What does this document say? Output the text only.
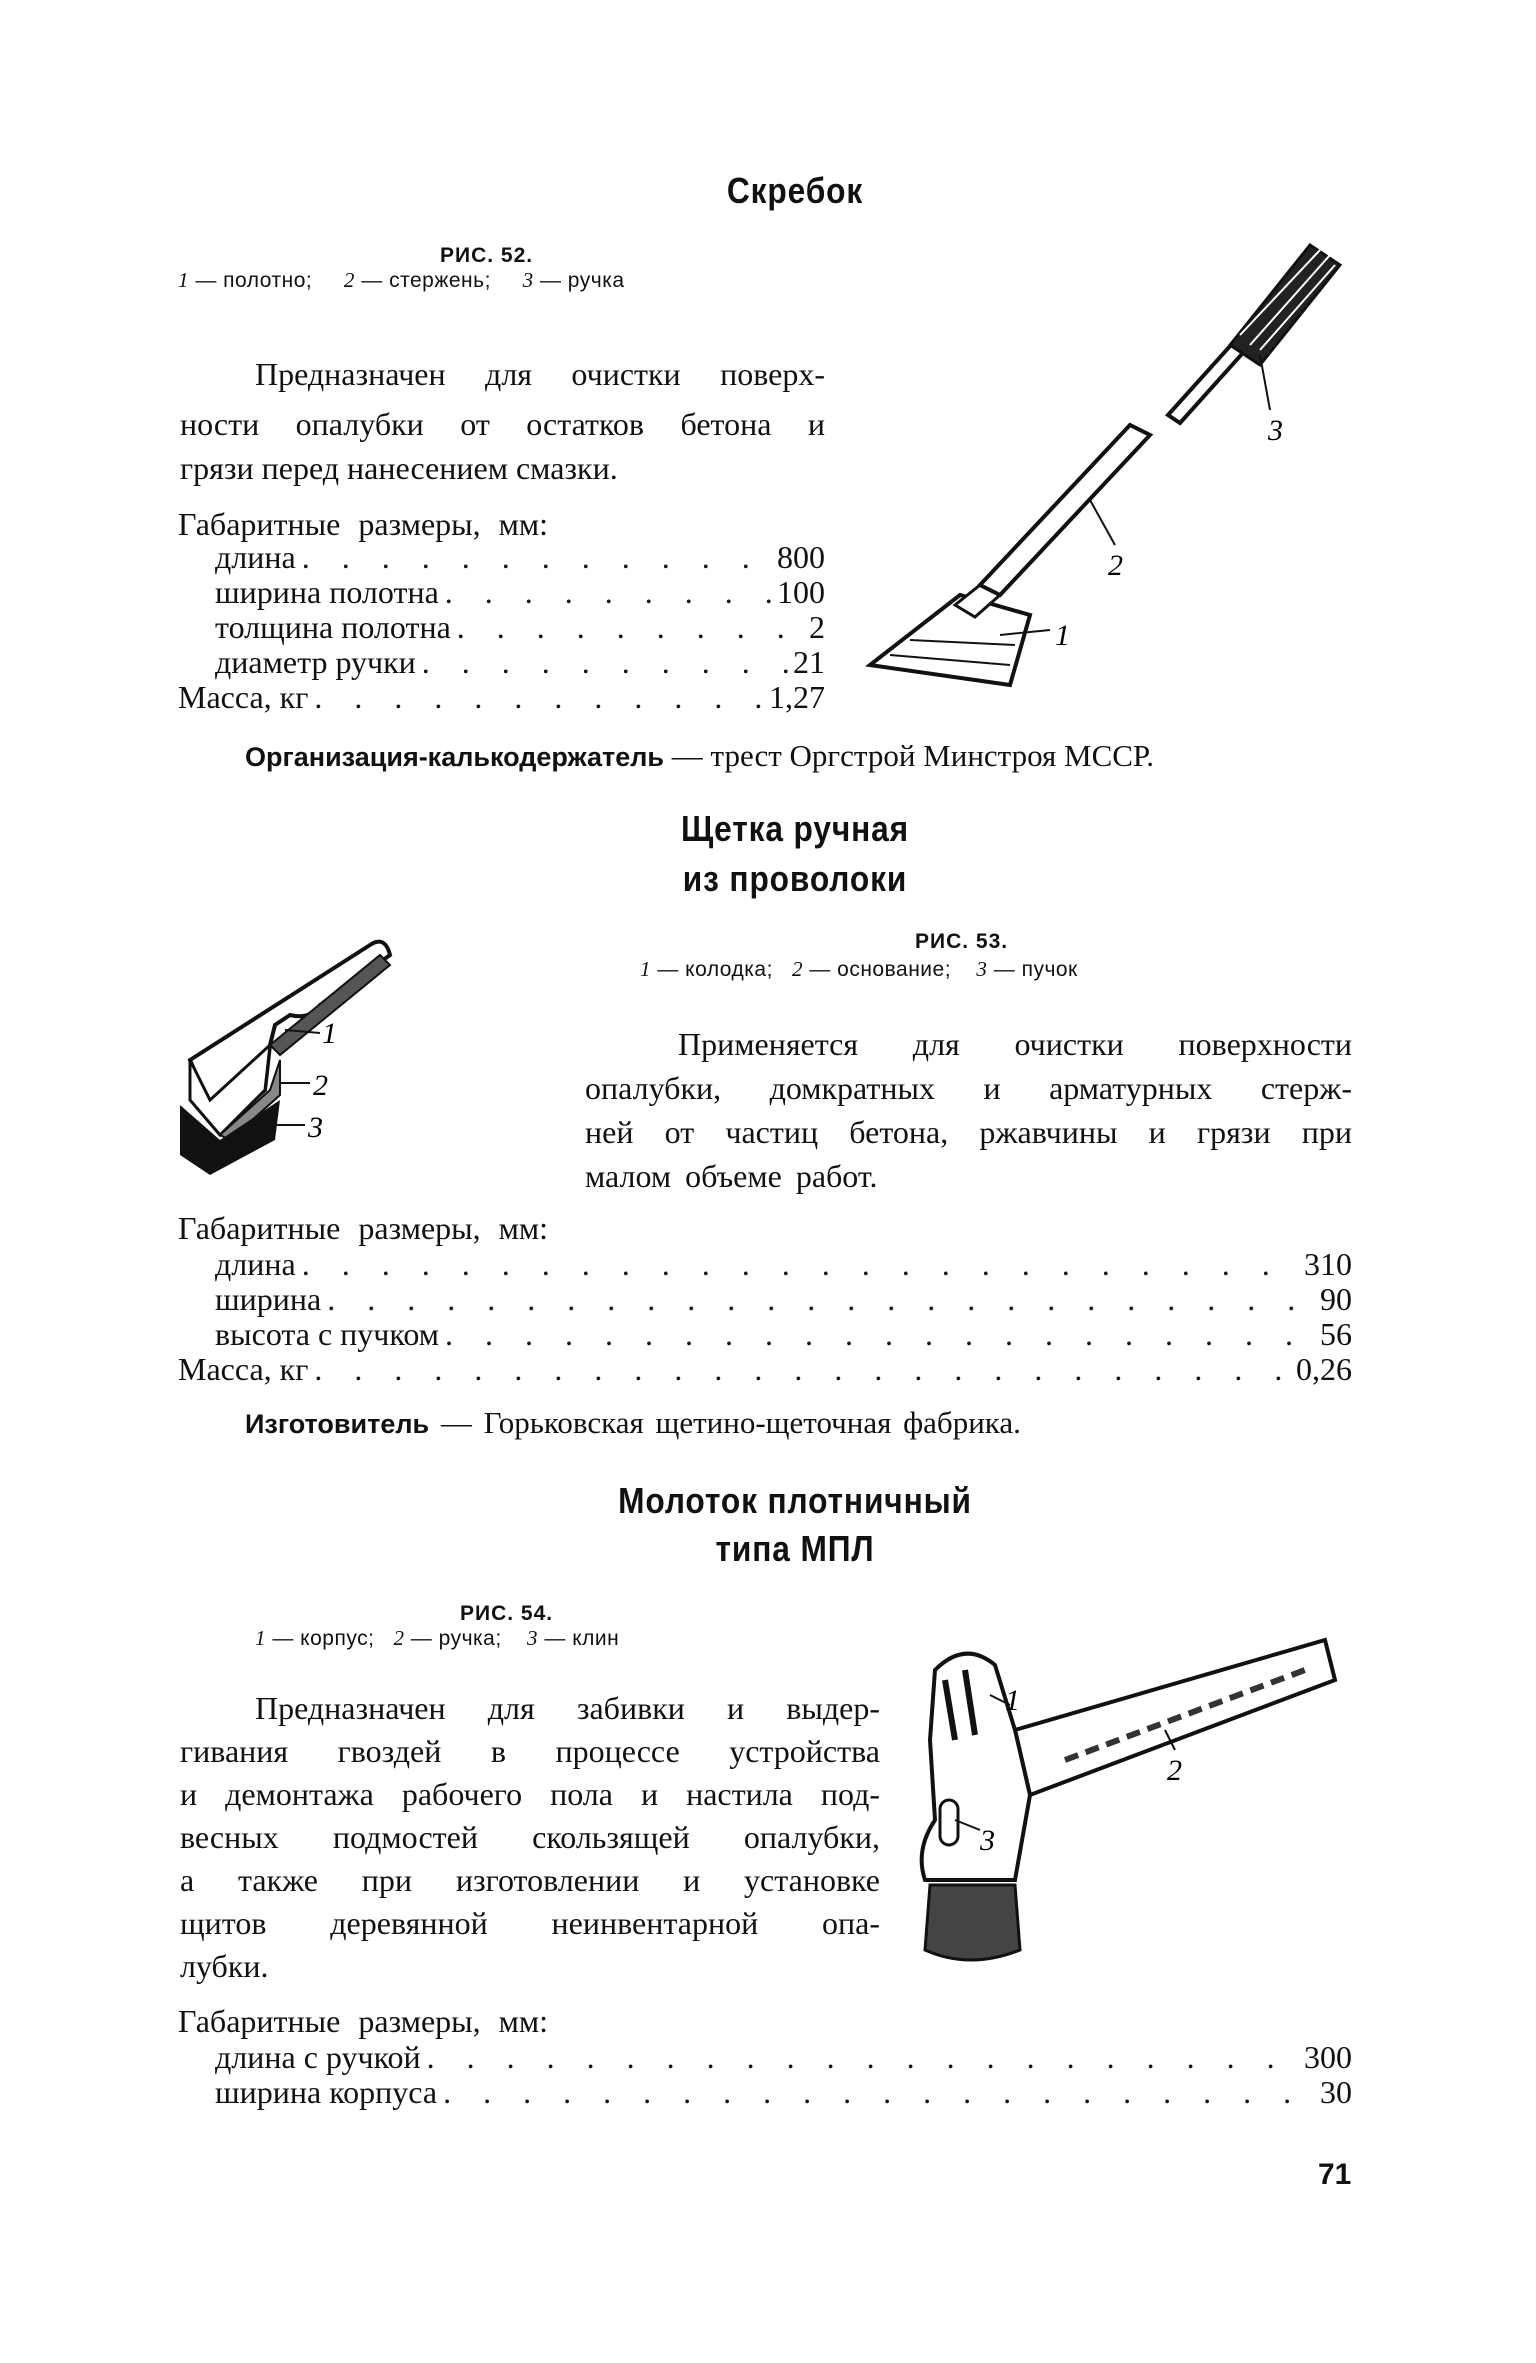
Скребок
РИС. 52.
1 — полотно; 2 — стержень; 3 — ручка
Предназначен для очистки поверх-
ности опалубки от остатков бетона и
грязи перед нанесением смазки.
Габаритные размеры, мм:
длина . . .	800
ширина полотна . . .	100
толщина полотна . . .	2
диаметр ручки . . .	21
Масса, кг . . .	1,27
Организация-калькодержатель — трест Оргстрой Минстроя МССР.
3
2
1
Щетка ручная
из проволоки
РИС. 53.
1 — колодка; 2 — основание; 3 — пучок
Применяется для очистки поверхности
опалубки, домкратных и арматурных стерж-
ней от частиц бетона, ржавчины и грязи при
малом объеме работ.
Габаритные размеры, мм:
длина . . .	310
ширина . . .	90
высота с пучком . . .	56
Масса, кг . . .	0,26
Изготовитель — Горьковская щетино-щеточная фабрика.
1
2
3
Молоток плотничный
типа МПЛ
РИС. 54.
1 — корпус; 2 — ручка; 3 — клин
Предназначен для забивки и выдер-
гивания гвоздей в процессе устройства
и демонтажа рабочего пола и настила под-
весных подмостей скользящей опалубки,
а также при изготовлении и установке
щитов деревянной неинвентарной опа-
лубки.
Габаритные размеры, мм:
длина с ручкой . . .	300
ширина корпуса . . .	30
1
2
3
71
